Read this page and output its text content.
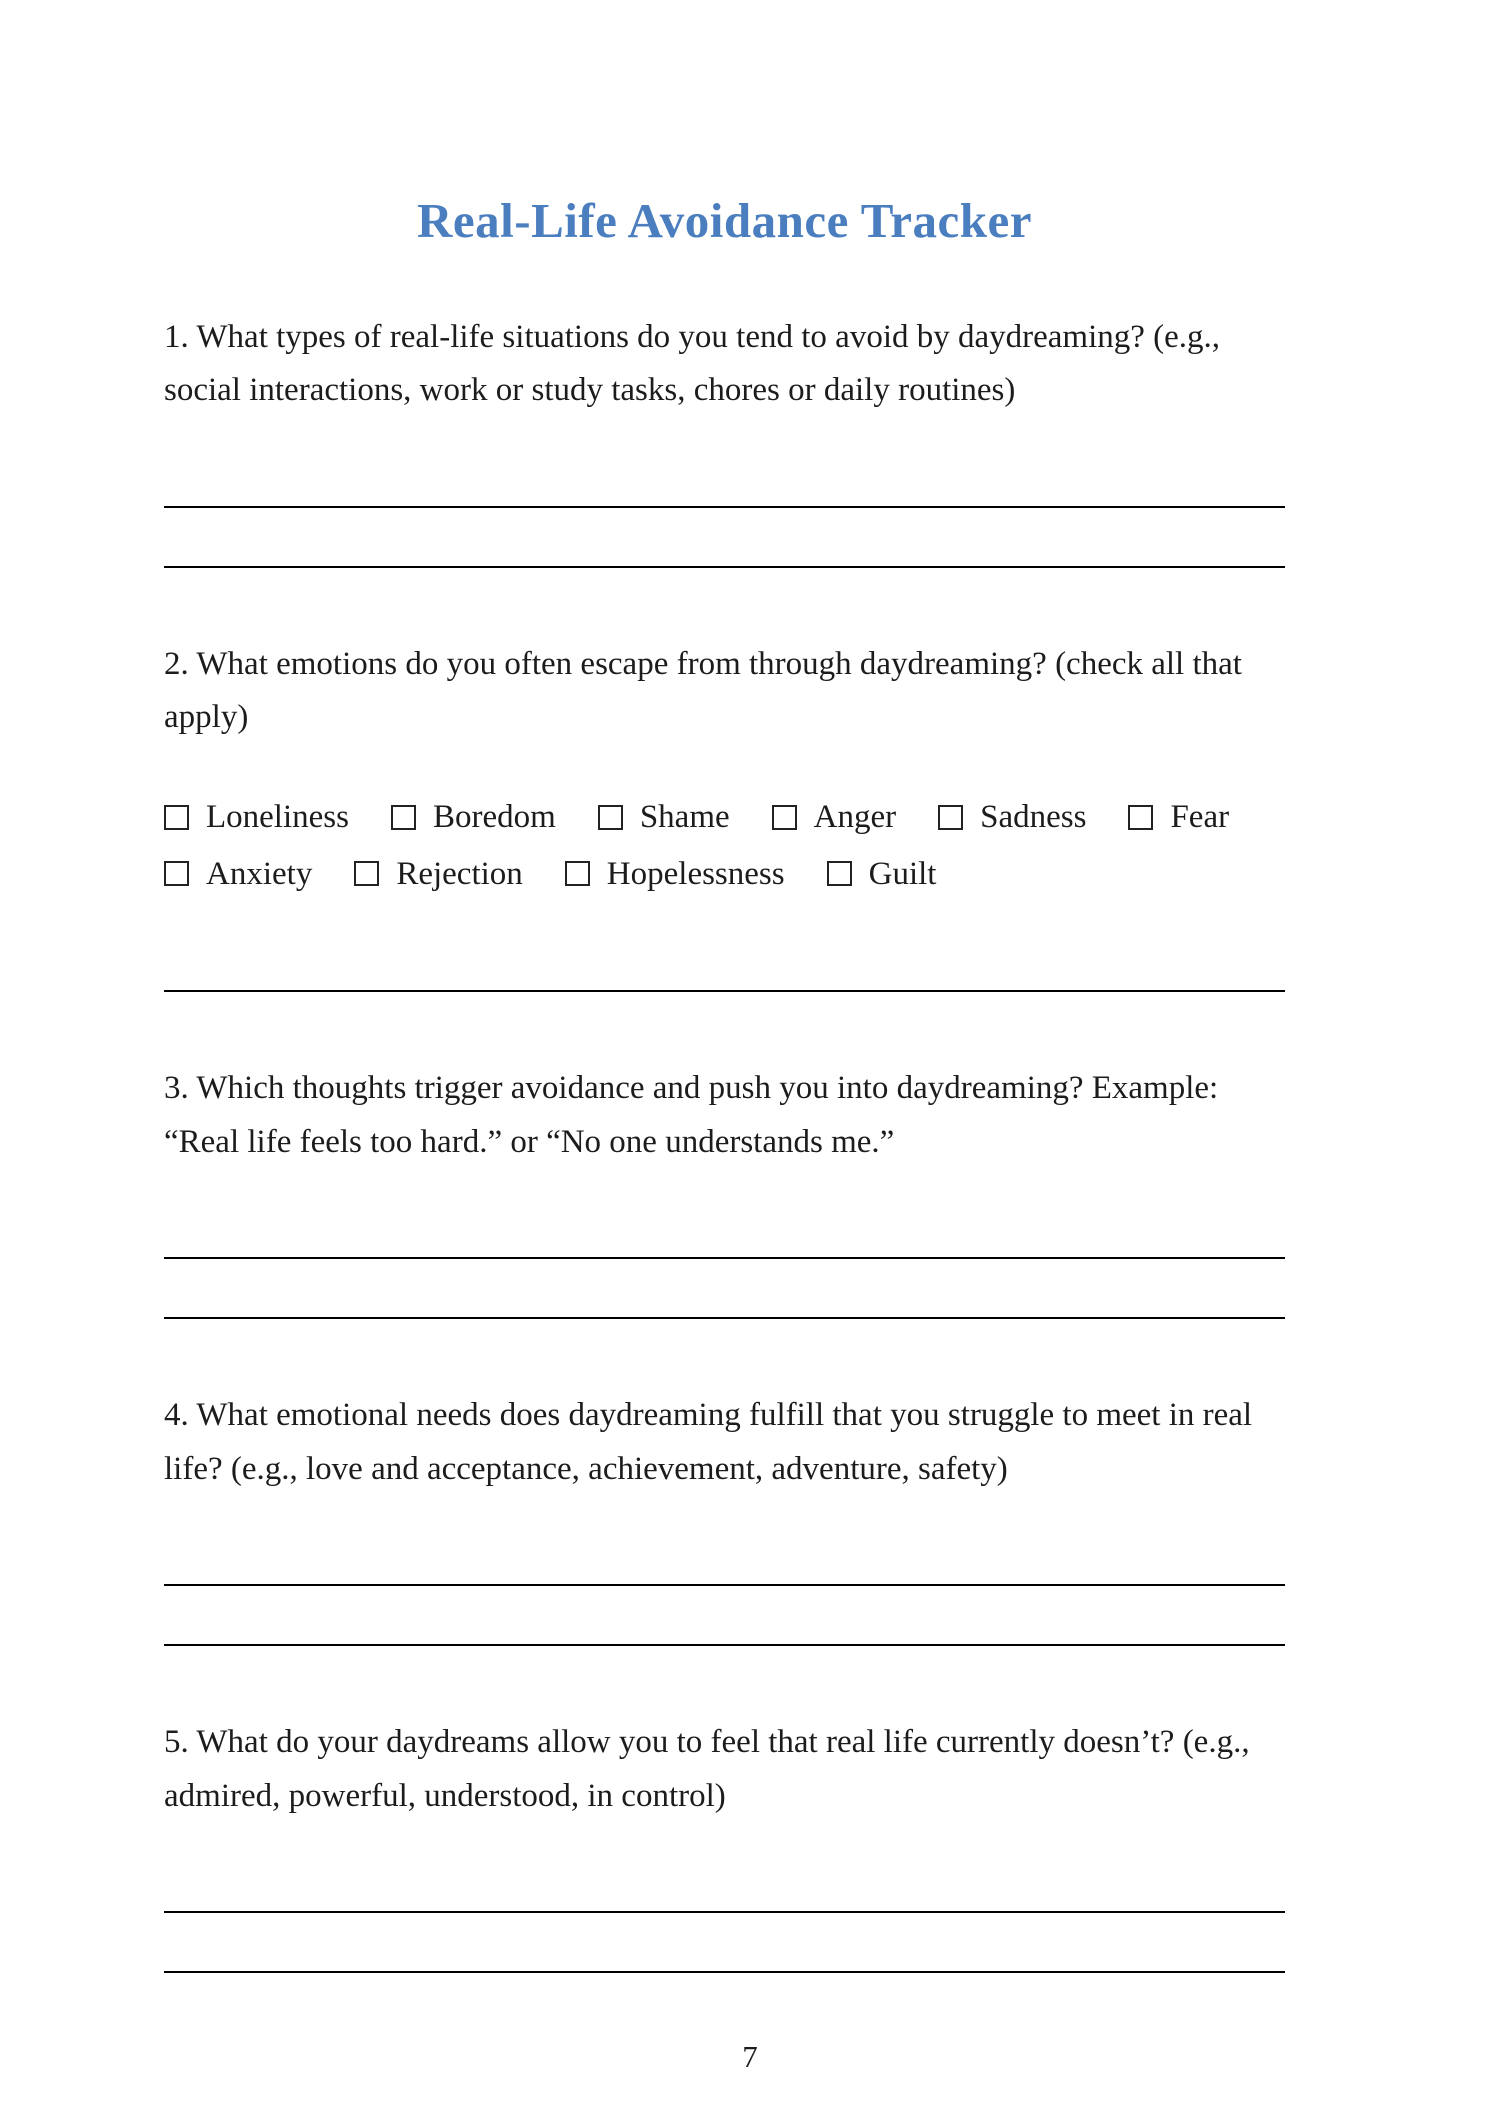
Real-Life Avoidance Tracker

1. What types of real-life situations do you tend to avoid by daydreaming? (e.g., social interactions, work or study tasks, chores or daily routines)

2. What emotions do you often escape from through daydreaming? (check all that apply)

Loneliness	Boredom	Shame	Anger	Sadness	Fear
Anxiety	Rejection	Hopelessness	Guilt

3. Which thoughts trigger avoidance and push you into daydreaming? Example: “Real life feels too hard.” or “No one understands me.”

4. What emotional needs does daydreaming fulfill that you struggle to meet in real life? (e.g., love and acceptance, achievement, adventure, safety)

5. What do your daydreams allow you to feel that real life currently doesn’t? (e.g., admired, powerful, understood, in control)

7
